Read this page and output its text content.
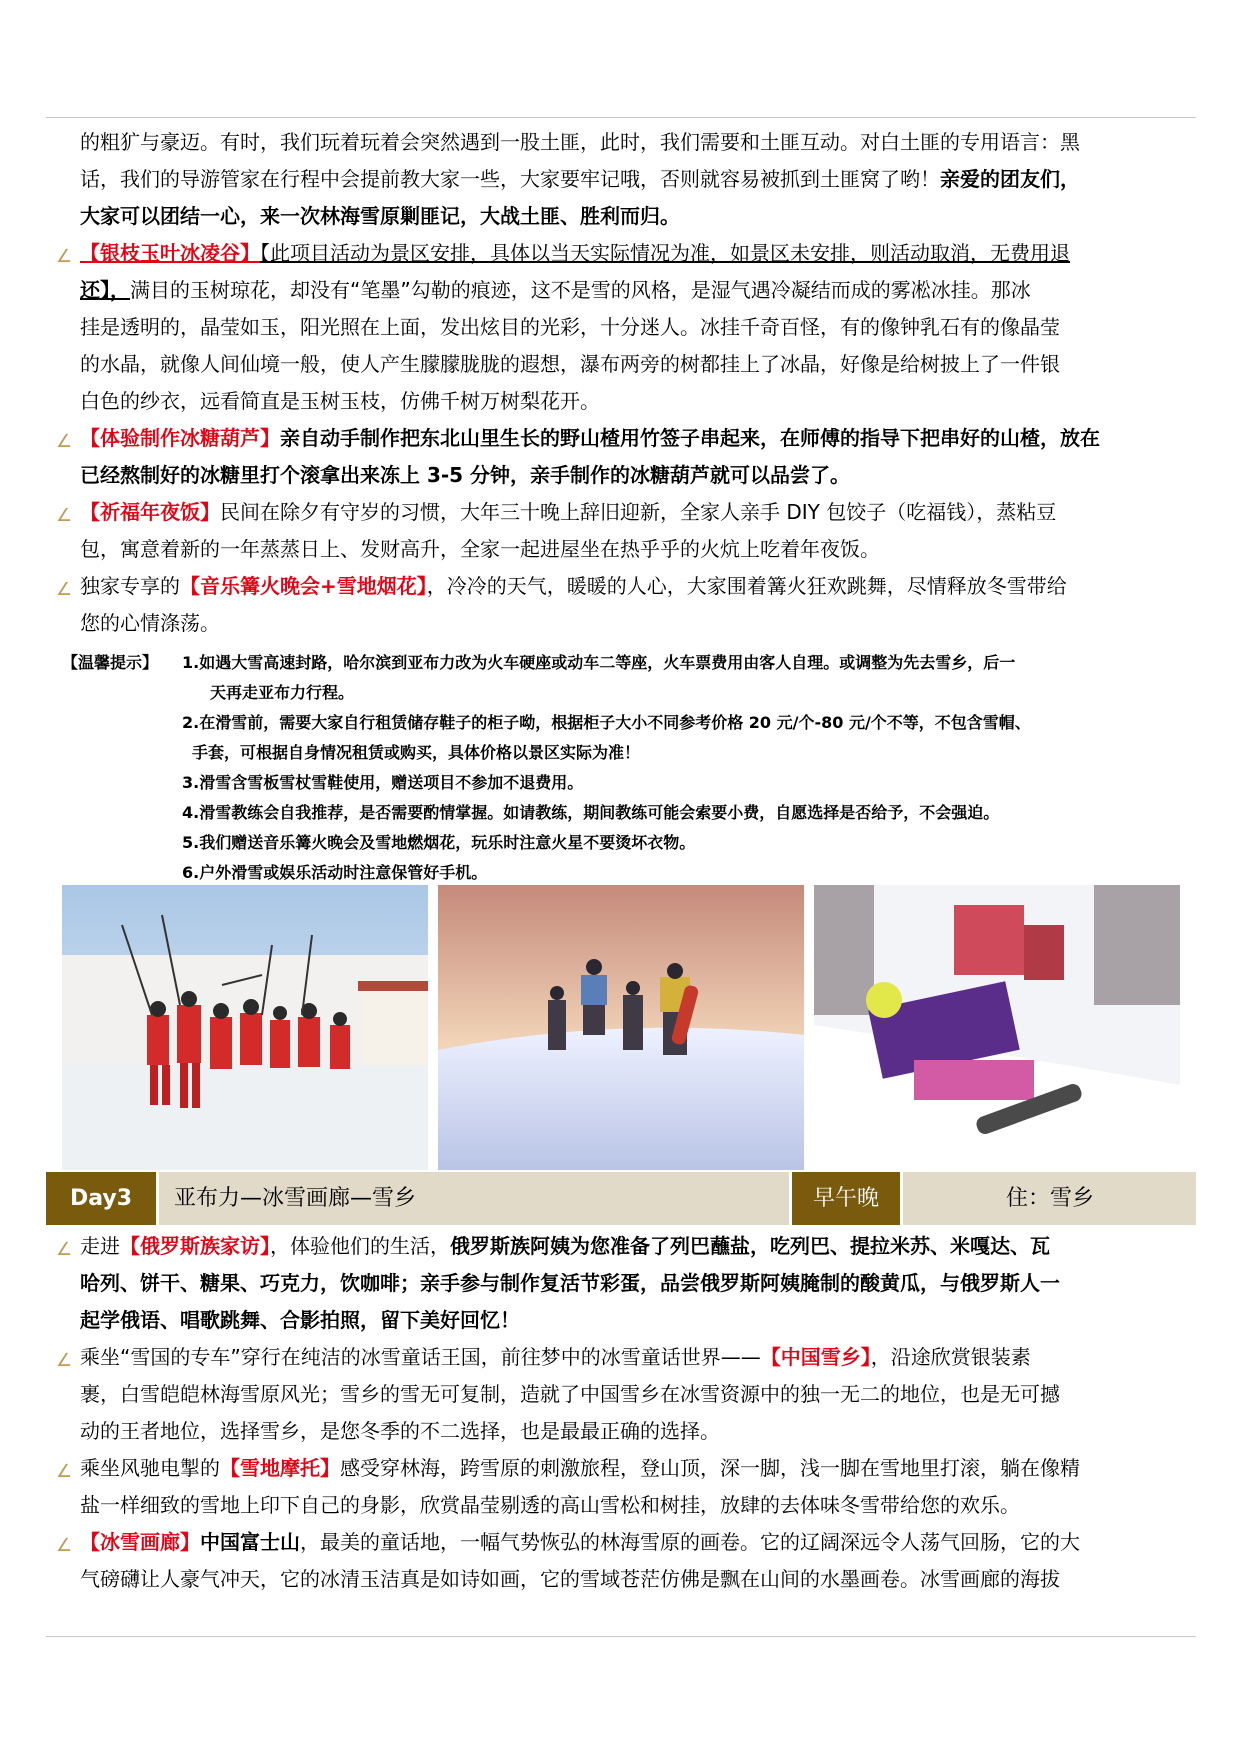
的粗犷与豪迈。有时，我们玩着玩着会突然遇到一股土匪，此时，我们需要和土匪互动。对白土匪的专用语言：黑
话，我们的导游管家在行程中会提前教大家一些，大家要牢记哦，否则就容易被抓到土匪窝了哟！亲爱的团友们，
大家可以团结一心，来一次林海雪原剿匪记，大战土匪、胜利而归。
∠ 【银枝玉叶冰凌谷】【此项目活动为景区安排，具体以当天实际情况为准，如景区未安排，则活动取消，无费用退
还】，满目的玉树琼花，却没有“笔墨”勾勒的痕迹，这不是雪的风格，是湿气遇冷凝结而成的雾凇冰挂。那冰
挂是透明的，晶莹如玉，阳光照在上面，发出炫目的光彩，十分迷人。冰挂千奇百怪，有的像钟乳石有的像晶莹
的水晶，就像人间仙境一般，使人产生朦朦胧胧的遐想，瀑布两旁的树都挂上了冰晶，好像是给树披上了一件银
白色的纱衣，远看简直是玉树玉枝，仿佛千树万树梨花开。
∠ 【体验制作冰糖葫芦】亲自动手制作把东北山里生长的野山楂用竹签子串起来，在师傅的指导下把串好的山楂，放在
已经熬制好的冰糖里打个滚拿出来冻上 3-5 分钟，亲手制作的冰糖葫芦就可以品尝了。
∠ 【祈福年夜饭】民间在除夕有守岁的习惯，大年三十晚上辞旧迎新，全家人亲手 DIY 包饺子（吃福钱），蒸粘豆
包，寓意着新的一年蒸蒸日上、发财高升，全家一起进屋坐在热乎乎的火炕上吃着年夜饭。
∠ 独家专享的【音乐篝火晚会+雪地烟花】，冷冷的天气，暖暖的人心，大家围着篝火狂欢跳舞，尽情释放冬雪带给
您的心情涤荡。
【温馨提示】 1.如遇大雪高速封路，哈尔滨到亚布力改为火车硬座或动车二等座，火车票费用由客人自理。或调整为先去雪乡，后一
天再走亚布力行程。
2.在滑雪前，需要大家自行租赁储存鞋子的柜子呦，根据柜子大小不同参考价格 20 元/个-80 元/个不等，不包含雪帽、
手套，可根据自身情况租赁或购买，具体价格以景区实际为准！
3.滑雪含雪板雪杖雪鞋使用，赠送项目不参加不退费用。
4.滑雪教练会自我推荐，是否需要酌情掌握。如请教练，期间教练可能会索要小费，自愿选择是否给予，不会强迫。
5.我们赠送音乐篝火晚会及雪地燃烟花，玩乐时注意火星不要烫坏衣物。
6.户外滑雪或娱乐活动时注意保管好手机。
Day3	亚布力—冰雪画廊—雪乡	早午晚	住：雪乡
∠ 走进【俄罗斯族家访】，体验他们的生活，俄罗斯族阿姨为您准备了列巴蘸盐，吃列巴、提拉米苏、米嘎达、瓦
哈列、饼干、糖果、巧克力，饮咖啡；亲手参与制作复活节彩蛋，品尝俄罗斯阿姨腌制的酸黄瓜，与俄罗斯人一
起学俄语、唱歌跳舞、合影拍照，留下美好回忆！
∠ 乘坐“雪国的专车”穿行在纯洁的冰雪童话王国，前往梦中的冰雪童话世界——【中国雪乡】，沿途欣赏银装素
裹，白雪皑皑林海雪原风光；雪乡的雪无可复制，造就了中国雪乡在冰雪资源中的独一无二的地位，也是无可撼
动的王者地位，选择雪乡，是您冬季的不二选择，也是最最正确的选择。
∠ 乘坐风驰电掣的【雪地摩托】感受穿林海，跨雪原的刺激旅程，登山顶，深一脚，浅一脚在雪地里打滚，躺在像精
盐一样细致的雪地上印下自己的身影，欣赏晶莹剔透的高山雪松和树挂，放肆的去体味冬雪带给您的欢乐。
∠ 【冰雪画廊】中国富士山，最美的童话地，一幅气势恢弘的林海雪原的画卷。它的辽阔深远令人荡气回肠，它的大
气磅礴让人豪气冲天，它的冰清玉洁真是如诗如画，它的雪域苍茫仿佛是飘在山间的水墨画卷。冰雪画廊的海拔
